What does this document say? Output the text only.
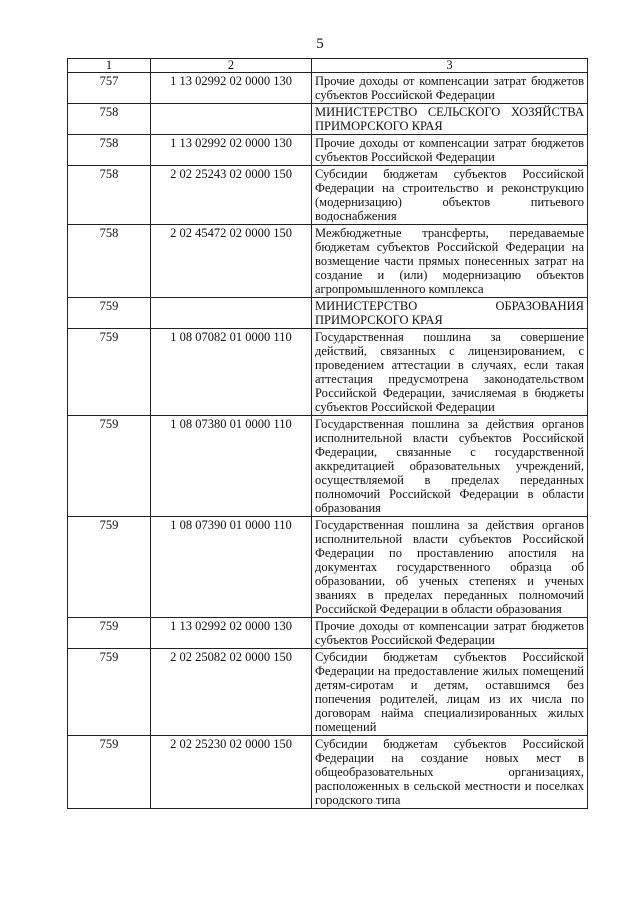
5
1	2	3
757	1 13 02992 02 0000 130	Прочие доходы от компенсации затрат бюджетов субъектов Российской Федерации
758		МИНИСТЕРСТВО СЕЛЬСКОГО ХОЗЯЙСТВА ПРИМОРСКОГО КРАЯ
758	1 13 02992 02 0000 130	Прочие доходы от компенсации затрат бюджетов субъектов Российской Федерации
758	2 02 25243 02 0000 150	Субсидии бюджетам субъектов Российской Федерации на строительство и реконструкцию (модернизацию) объектов питьевого водоснабжения
758	2 02 45472 02 0000 150	Межбюджетные трансферты, передаваемые бюджетам субъектов Российской Федерации на возмещение части прямых понесенных затрат на создание и (или) модернизацию объектов агропромышленного комплекса
759		МИНИСТЕРСТВО ОБРАЗОВАНИЯ ПРИМОРСКОГО КРАЯ
759	1 08 07082 01 0000 110	Государственная пошлина за совершение действий, связанных с лицензированием, с проведением аттестации в случаях, если такая аттестация предусмотрена законодательством Российской Федерации, зачисляемая в бюджеты субъектов Российской Федерации
759	1 08 07380 01 0000 110	Государственная пошлина за действия органов исполнительной власти субъектов Российской Федерации, связанные с государственной аккредитацией образовательных учреждений, осуществляемой в пределах переданных полномочий Российской Федерации в области образования
759	1 08 07390 01 0000 110	Государственная пошлина за действия органов исполнительной власти субъектов Российской Федерации по проставлению апостиля на документах государственного образца об образовании, об ученых степенях и ученых званиях в пределах переданных полномочий Российской Федерации в области образования
759	1 13 02992 02 0000 130	Прочие доходы от компенсации затрат бюджетов субъектов Российской Федерации
759	2 02 25082 02 0000 150	Субсидии бюджетам субъектов Российской Федерации на предоставление жилых помещений детям-сиротам и детям, оставшимся без попечения родителей, лицам из их числа по договорам найма специализированных жилых помещений
759	2 02 25230 02 0000 150	Субсидии бюджетам субъектов Российской Федерации на создание новых мест в общеобразовательных организациях, расположенных в сельской местности и поселках городского типа
